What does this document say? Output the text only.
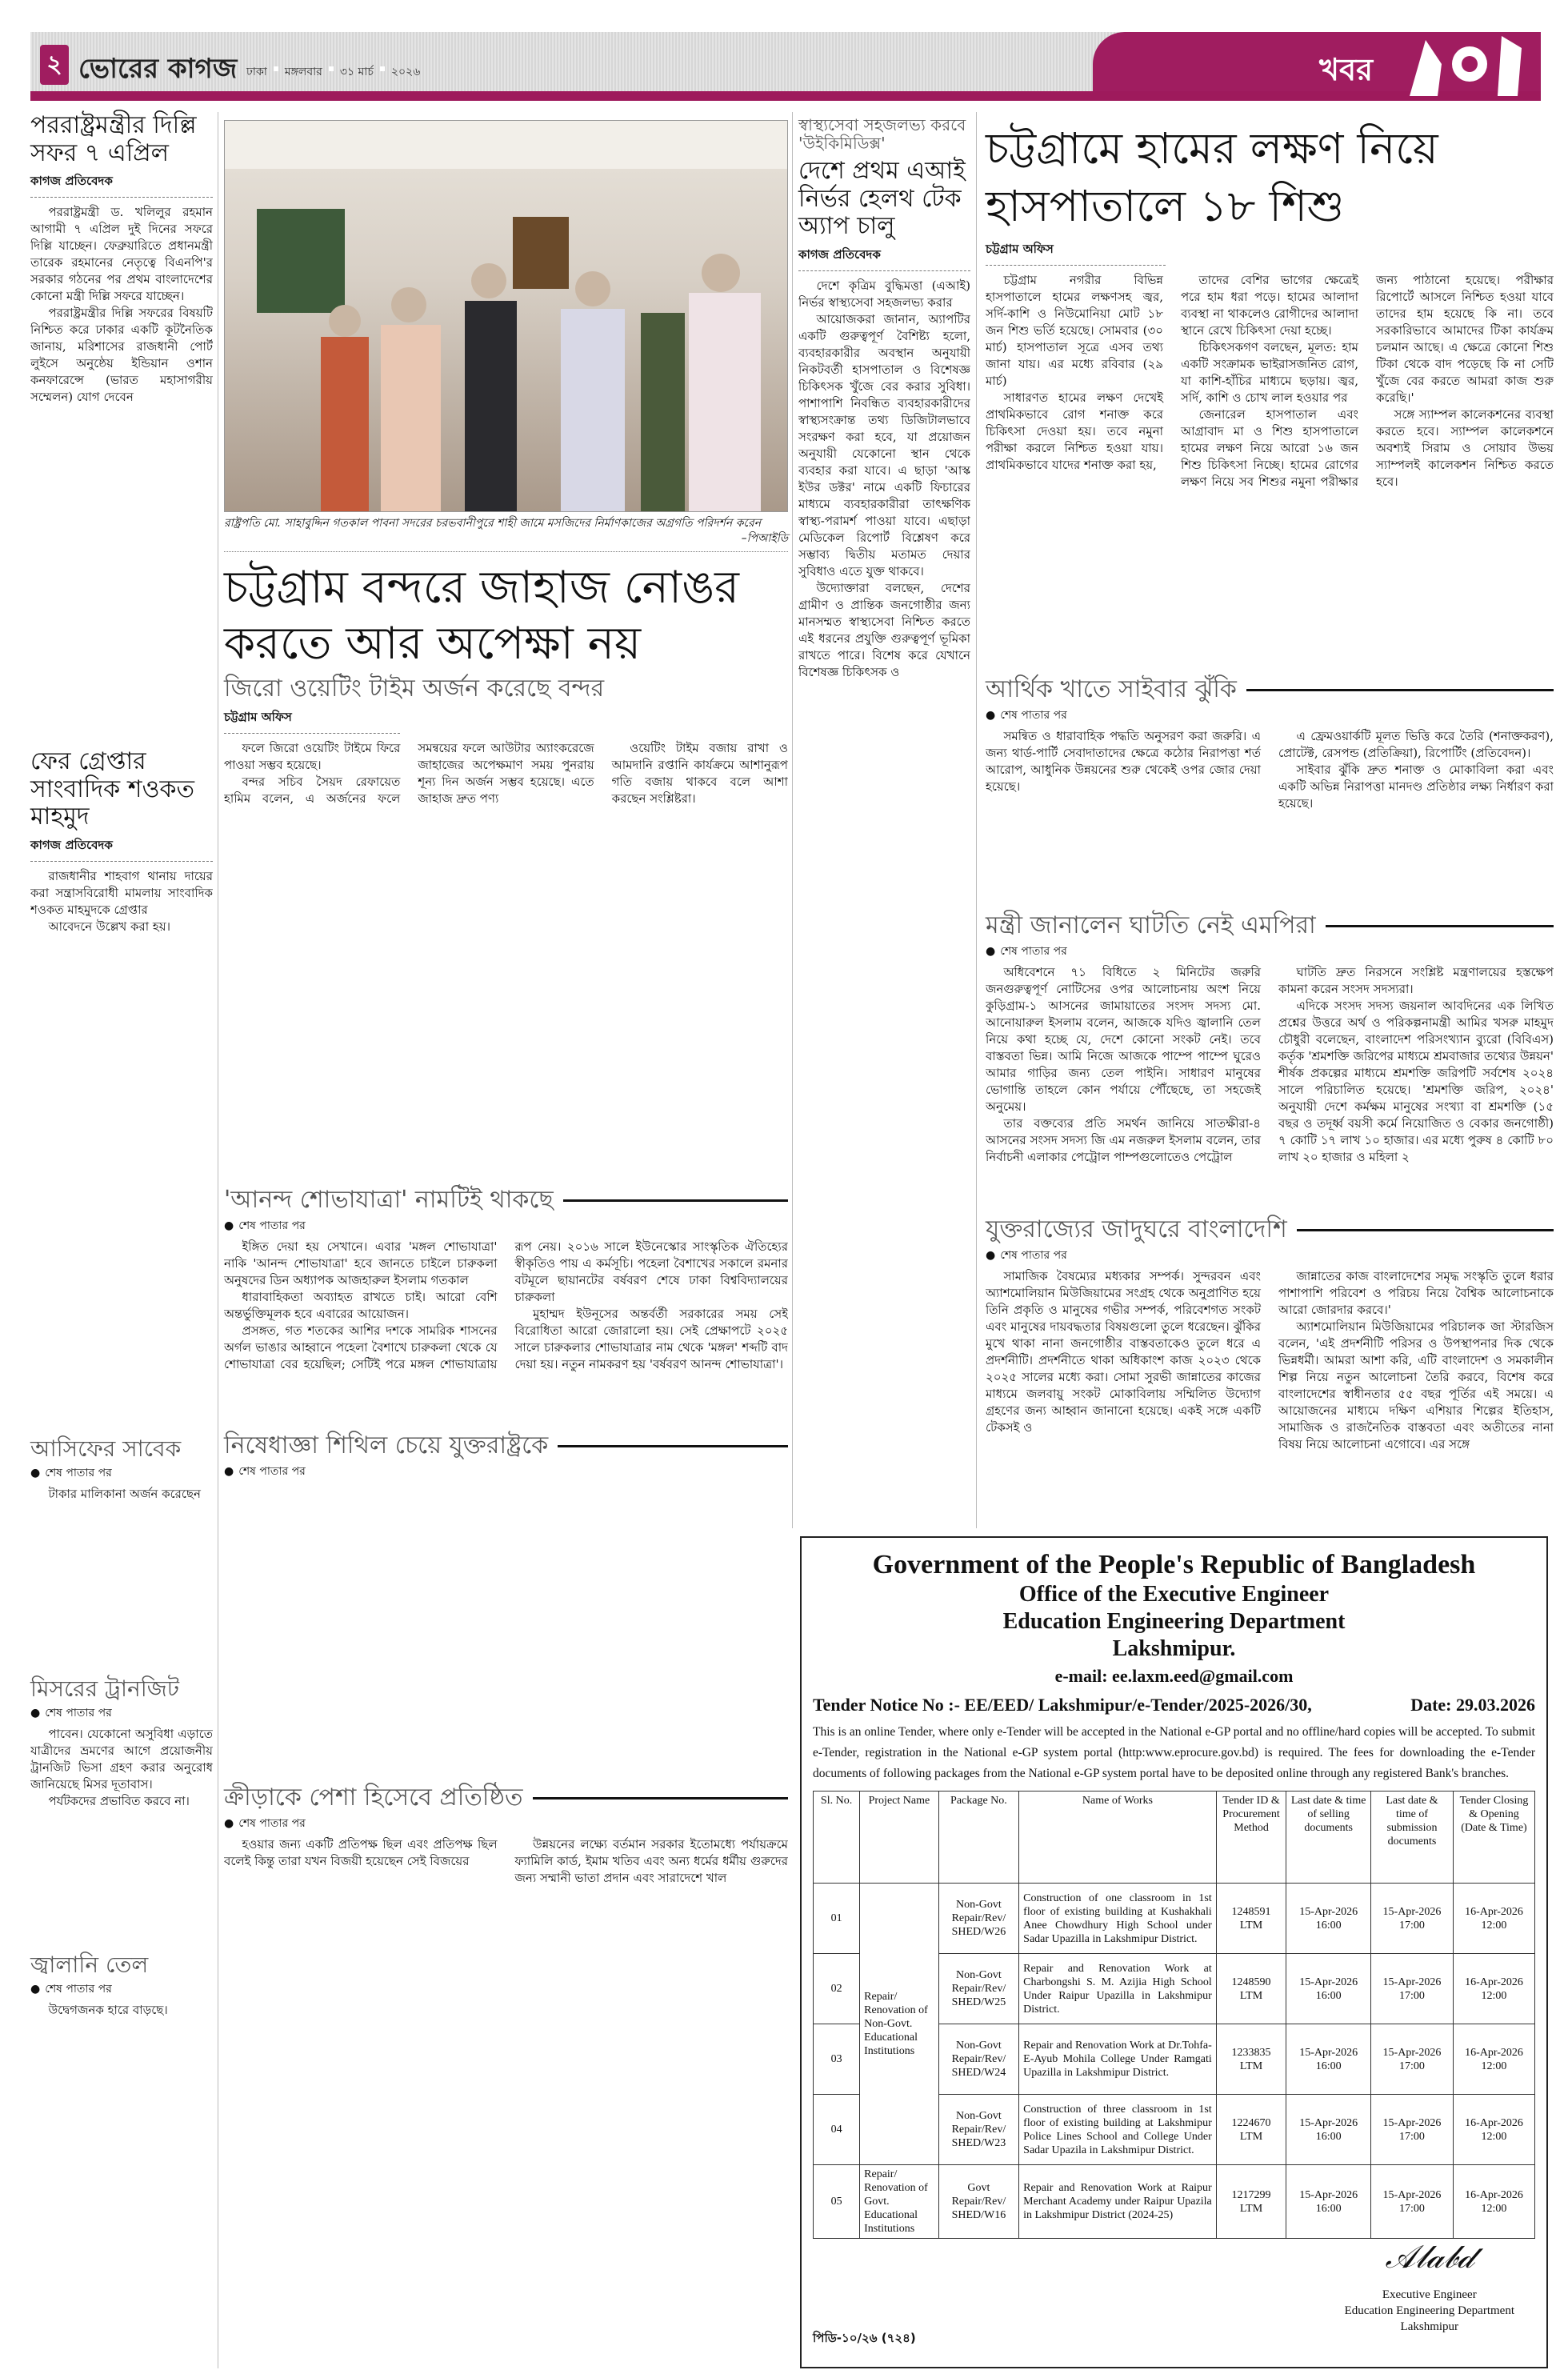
২ ভোরের কাগজ ঢাকা মঙ্গলবার ৩১ মার্চ ২০২৬	খবর
পররাষ্ট্রমন্ত্রীর দিল্লি সফর ৭ এপ্রিল
কাগজ প্রতিবেদক

পররাষ্ট্রমন্ত্রী ড. খলিলুর রহমান আগামী ৭ এপ্রিল দুই দিনের সফরে দিল্লি যাচ্ছেন। ফেব্রুয়ারিতে প্রধানমন্ত্রী তারেক রহমানের নেতৃত্বে বিএনপি'র সরকার গঠনের পর প্রথম বাংলাদেশের কোনো মন্ত্রী দিল্লি সফরে যাচ্ছেন।

পররাষ্ট্রমন্ত্রীর দিল্লি সফরের বিষয়টি নিশ্চিত করে ঢাকার একটি কূটনৈতিক জানায়, মরিশাসের রাজধানী পোর্ট লুইসে অনুষ্ঠেয় ইন্ডিয়ান ওশান কনফারেন্সে (ভারত মহাসাগরীয় সম্মেলন) যোগ দেবেন

ফের গ্রেপ্তার সাংবাদিক শওকত মাহমুদ
কাগজ প্রতিবেদক

রাজধানীর শাহবাগ থানায় দায়ের করা সন্ত্রাসবিরোধী মামলায় সাংবাদিক শওকত মাহমুদকে গ্রেপ্তার

আবেদনে উল্লেখ করা হয়।

আসিফের সাবেক
● শেষ পাতার পর

টাকার মালিকানা অর্জন করেছেন

মিসরের ট্রানজিট
● শেষ পাতার পর

পাবেন। যেকোনো অসুবিধা এড়াতে যাত্রীদের ভ্রমণের আগে প্রয়োজনীয় ট্রানজিট ভিসা গ্রহণ করার অনুরোধ জানিয়েছে মিসর দূতাবাস।

পর্যটকদের প্রভাবিত করবে না।

জ্বালানি তেল
● শেষ পাতার পর

উদ্বেগজনক হারে বাড়ছে।

রাষ্ট্রপতি মো. সাহাবুদ্দিন গতকাল পাবনা সদরের চরভবানীপুরে শাহী জামে মসজিদের নির্মাণকাজের অগ্রগতি পরিদর্শন করেন
–পিআইডি
চট্টগ্রাম বন্দরে জাহাজ নোঙর করতে আর অপেক্ষা নয়
জিরো ওয়েটিং টাইম অর্জন করেছে বন্দর
চট্টগ্রাম অফিস

ফলে জিরো ওয়েটিং টাইমে ফিরে পাওয়া সম্ভব হয়েছে।

বন্দর সচিব সৈয়দ রেফায়েত হামিম বলেন, এ অর্জনের ফলে সমন্বয়ের ফলে আউটার অ্যাংকরেজে জাহাজের অপেক্ষমাণ সময় পুনরায় শূন্য দিন অর্জন সম্ভব হয়েছে। এতে জাহাজ দ্রুত পণ্য

ওয়েটিং টাইম বজায় রাখা ও আমদানি রপ্তানি কার্যক্রমে আশানুরূপ গতি বজায় থাকবে বলে আশা করছেন সংশ্লিষ্টরা।

'আনন্দ শোভাযাত্রা' নামটিই থাকছে
● শেষ পাতার পর

ইঙ্গিত দেয়া হয় সেখানে। এবার 'মঙ্গল শোভাযাত্রা' নাকি 'আনন্দ শোভাযাত্রা' হবে জানতে চাইলে চারুকলা অনুষদের ডিন অধ্যাপক আজহারুল ইসলাম গতকাল

ধারাবাহিকতা অব্যাহত রাখতে চাই। আরো বেশি অন্তর্ভুক্তিমূলক হবে এবারের আয়োজন।

প্রসঙ্গত, গত শতকের আশির দশকে সামরিক শাসনের অর্গল ভাঙার আহ্বানে পহেলা বৈশাখে চারুকলা থেকে যে শোভাযাত্রা বের হয়েছিল; সেটিই পরে মঙ্গল শোভাযাত্রায় রূপ নেয়। ২০১৬ সালে ইউনেস্কোর সাংস্কৃতিক ঐতিহ্যের স্বীকৃতিও পায় এ কর্মসূচি। পহেলা বৈশাখের সকালে রমনার বটমূলে ছায়ানটের বর্ষবরণ শেষে ঢাকা বিশ্ববিদ্যালয়ের চারুকলা

মুহাম্মদ ইউনূসের অন্তর্বর্তী সরকারের সময় সেই বিরোধিতা আরো জোরালো হয়। সেই প্রেক্ষাপটে ২০২৫ সালে চারুকলার শোভাযাত্রার নাম থেকে 'মঙ্গল' শব্দটি বাদ দেয়া হয়। নতুন নামকরণ হয় 'বর্ষবরণ আনন্দ শোভাযাত্রা'।

নিষেধাজ্ঞা শিথিল চেয়ে যুক্তরাষ্ট্রকে
● শেষ পাতার পর
ক্রীড়াকে পেশা হিসেবে প্রতিষ্ঠিত
● শেষ পাতার পর

হওয়ার জন্য একটি প্রতিপক্ষ ছিল এবং প্রতিপক্ষ ছিল বলেই কিন্তু তারা যখন বিজয়ী হয়েছেন সেই বিজয়ের

উন্নয়নের লক্ষ্যে বর্তমান সরকার ইতোমধ্যে পর্যায়ক্রমে ফ্যামিলি কার্ড, ইমাম খতিব এবং অন্য ধর্মের ধর্মীয় গুরুদের জন্য সম্মানী ভাতা প্রদান এবং সারাদেশে খাল

স্বাস্থ্যসেবা সহজলভ্য করবে 'উইকিমিডিক্স'
দেশে প্রথম এআই নির্ভর হেলথ টেক অ্যাপ চালু
কাগজ প্রতিবেদক

দেশে কৃত্রিম বুদ্ধিমত্তা (এআই) নির্ভর স্বাস্থ্যসেবা সহজলভ্য করার

আয়োজকরা জানান, অ্যাপটির একটি গুরুত্বপূর্ণ বৈশিষ্ট্য হলো, ব্যবহারকারীর অবস্থান অনুযায়ী নিকটবর্তী হাসপাতাল ও বিশেষজ্ঞ চিকিৎসক খুঁজে বের করার সুবিধা। পাশাপাশি নিবন্ধিত ব্যবহারকারীদের স্বাস্থ্যসংক্রান্ত তথ্য ডিজিটালভাবে সংরক্ষণ করা হবে, যা প্রয়োজন অনুযায়ী যেকোনো স্থান থেকে ব্যবহার করা যাবে। এ ছাড়া 'আস্ক ইউর ডক্টর' নামে একটি ফিচারের মাধ্যমে ব্যবহারকারীরা তাৎক্ষণিক স্বাস্থ্য-পরামর্শ পাওয়া যাবে। এছাড়া মেডিকেল রিপোর্ট বিশ্লেষণ করে সম্ভাব্য দ্বিতীয় মতামত দেয়ার সুবিধাও এতে যুক্ত থাকবে।

উদ্যোক্তারা বলছেন, দেশের গ্রামীণ ও প্রান্তিক জনগোষ্ঠীর জন্য মানসম্মত স্বাস্থ্যসেবা নিশ্চিত করতে এই ধরনের প্রযুক্তি গুরুত্বপূর্ণ ভূমিকা রাখতে পারে। বিশেষ করে যেখানে বিশেষজ্ঞ চিকিৎসক ও

চট্টগ্রামে হামের লক্ষণ নিয়ে হাসপাতালে ১৮ শিশু
চট্টগ্রাম অফিস

চট্টগ্রাম নগরীর বিভিন্ন হাসপাতালে হামের লক্ষণসহ জ্বর, সর্দি-কাশি ও নিউমোনিয়া মোট ১৮ জন শিশু ভর্তি হয়েছে। সোমবার (৩০ মার্চ) হাসপাতাল সূত্রে এসব তথ্য জানা যায়। এর মধ্যে রবিবার (২৯ মার্চ)

সাধারণত হামের লক্ষণ দেখেই প্রাথমিকভাবে রোগ শনাক্ত করে চিকিৎসা দেওয়া হয়। তবে নমুনা পরীক্ষা করলে নিশ্চিত হওয়া যায়। প্রাথমিকভাবে যাদের শনাক্ত করা হয়,

তাদের বেশির ভাগের ক্ষেত্রেই পরে হাম ধরা পড়ে। হামের আলাদা ব্যবস্থা না থাকলেও রোগীদের আলাদা স্থানে রেখে চিকিৎসা দেয়া হচ্ছে।

চিকিৎসকগণ বলছেন, মূলত: হাম একটি সংক্রামক ভাইরাসজনিত রোগ, যা কাশি-হাঁচির মাধ্যমে ছড়ায়। জ্বর, সর্দি, কাশি ও চোখ লাল হওয়ার পর

জেনারেল হাসপাতাল এবং আগ্রাবাদ মা ও শিশু হাসপাতালে হামের লক্ষণ নিয়ে আরো ১৬ জন শিশু চিকিৎসা নিচ্ছে। হামের রোগের লক্ষণ নিয়ে সব শিশুর নমুনা পরীক্ষার জন্য পাঠানো হয়েছে। পরীক্ষার রিপোর্টে আসলে নিশ্চিত হওয়া যাবে তাদের হাম হয়েছে কি না। তবে সরকারিভাবে আমাদের টিকা কার্যক্রম চলমান আছে। এ ক্ষেত্রে কোনো শিশু টিকা থেকে বাদ পড়েছে কি না সেটি খুঁজে বের করতে আমরা কাজ শুরু করেছি।'

সঙ্গে স্যাম্পল কালেকশনের ব্যবস্থা করতে হবে। স্যাম্পল কালেকশনে অবশ্যই সিরাম ও সোয়াব উভয় স্যাম্পলই কালেকশন নিশ্চিত করতে হবে।

আর্থিক খাতে সাইবার ঝুঁকি
● শেষ পাতার পর

সমন্বিত ও ধারাবাহিক পদ্ধতি অনুসরণ করা জরুরি। এ জন্য থার্ড-পার্টি সেবাদাতাদের ক্ষেত্রে কঠোর নিরাপত্তা শর্ত আরোপ, আধুনিক উন্নয়নের শুরু থেকেই ওপর জোর দেয়া হয়েছে।

এ ফ্রেমওয়ার্কটি মূলত ভিত্তি করে তৈরি (শনাক্তকরণ), প্রোটেক্ট, রেসপন্ড (প্রতিক্রিয়া), রিপোর্টিং (প্রতিবেদন)।

সাইবার ঝুঁকি দ্রুত শনাক্ত ও মোকাবিলা করা এবং একটি অভিন্ন নিরাপত্তা মানদণ্ড প্রতিষ্ঠার লক্ষ্য নির্ধারণ করা হয়েছে।

মন্ত্রী জানালেন ঘাটতি নেই এমপিরা
● শেষ পাতার পর

অধিবেশনে ৭১ বিধিতে ২ মিনিটের জরুরি জনগুরুত্বপূর্ণ নোটিসের ওপর আলোচনায় অংশ নিয়ে কুড়িগ্রাম-১ আসনের জামায়াতের সংসদ সদস্য মো. আনোয়ারুল ইসলাম বলেন, আজকে যদিও জ্বালানি তেল নিয়ে কথা হচ্ছে যে, দেশে কোনো সংকট নেই। তবে বাস্তবতা ভিন্ন। আমি নিজে আজকে পাম্পে পাম্পে ঘুরেও আমার গাড়ির জন্য তেল পাইনি। সাধারণ মানুষের ভোগান্তি তাহলে কোন পর্যায়ে পৌঁছেছে, তা সহজেই অনুমেয়।

তার বক্তব্যের প্রতি সমর্থন জানিয়ে সাতক্ষীরা-৪ আসনের সংসদ সদস্য জি এম নজরুল ইসলাম বলেন, তার নির্বাচনী এলাকার পেট্রোল পাম্পগুলোতেও পেট্রোল

ঘাটতি দ্রুত নিরসনে সংশ্লিষ্ট মন্ত্রণালয়ের হস্তক্ষেপ কামনা করেন সংসদ সদস্যরা।

এদিকে সংসদ সদস্য জয়নাল আবদিনের এক লিখিত প্রশ্নের উত্তরে অর্থ ও পরিকল্পনামন্ত্রী আমির খসরু মাহমুদ চৌধুরী বলেছেন, বাংলাদেশ পরিসংখ্যান ব্যুরো (বিবিএস) কর্তৃক 'শ্রমশক্তি জরিপের মাধ্যমে শ্রমবাজার তথ্যের উন্নয়ন' শীর্ষক প্রকল্পের মাধ্যমে শ্রমশক্তি জরিপটি সর্বশেষ ২০২৪ সালে পরিচালিত হয়েছে। 'শ্রমশক্তি জরিপ, ২০২৪' অনুযায়ী দেশে কর্মক্ষম মানুষের সংখ্যা বা শ্রমশক্তি (১৫ বছর ও তদূর্ধ্ব বয়সী কর্মে নিয়োজিত ও বেকার জনগোষ্ঠী) ৭ কোটি ১৭ লাখ ১০ হাজার। এর মধ্যে পুরুষ ৪ কোটি ৮০ লাখ ২০ হাজার ও মহিলা ২

যুক্তরাজ্যের জাদুঘরে বাংলাদেশি
● শেষ পাতার পর

সামাজিক বৈষম্যের মধ্যকার সম্পর্ক। সুন্দরবন এবং অ্যাশমোলিয়ান মিউজিয়ামের সংগ্রহ থেকে অনুপ্রাণিত হয়ে তিনি প্রকৃতি ও মানুষের গভীর সম্পর্ক, পরিবেশগত সংকট এবং মানুষের দায়বদ্ধতার বিষয়গুলো তুলে ধরেছেন। ঝুঁকির মুখে থাকা নানা জনগোষ্ঠীর বাস্তবতাকেও তুলে ধরে এ প্রদর্শনীটি। প্রদর্শনীতে থাকা অধিকাংশ কাজ ২০২৩ থেকে ২০২৫ সালের মধ্যে করা। সোমা সুরভী জান্নাতের কাজের মাধ্যমে জলবায়ু সংকট মোকাবিলায় সম্মিলিত উদ্যোগ গ্রহণের জন্য আহ্বান জানানো হয়েছে। একই সঙ্গে একটি টেকসই ও

জান্নাতের কাজ বাংলাদেশের সমৃদ্ধ সংস্কৃতি তুলে ধরার পাশাপাশি পরিবেশ ও পরিচয় নিয়ে বৈশ্বিক আলোচনাকে আরো জোরদার করবে।'

অ্যাশমোলিয়ান মিউজিয়ামের পরিচালক জা স্টারজিস বলেন, 'এই প্রদর্শনীটি পরিসর ও উপস্থাপনার দিক থেকে ভিন্নধর্মী। আমরা আশা করি, এটি বাংলাদেশ ও সমকালীন শিল্প নিয়ে নতুন আলোচনা তৈরি করবে, বিশেষ করে বাংলাদেশের স্বাধীনতার ৫৫ বছর পূর্তির এই সময়ে। এ আয়োজনের মাধ্যমে দক্ষিণ এশিয়ার শিল্পের ইতিহাস, সামাজিক ও রাজনৈতিক বাস্তবতা এবং অতীতের নানা বিষয় নিয়ে আলোচনা এগোবে। এর সঙ্গে

Government of the People's Republic of Bangladesh
Office of the Executive Engineer
Education Engineering Department
Lakshmipur.
e-mail: ee.laxm.eed@gmail.com
Tender Notice No :- EE/EED/ Lakshmipur/e-Tender/2025-2026/30,	Date: 29.03.2026
This is an online Tender, where only e-Tender will be accepted in the National e-GP portal and no offline/hard copies will be accepted. To submit e-Tender, registration in the National e-GP system portal (http:www.eprocure.gov.bd) is required. The fees for downloading the e-Tender documents of following packages from the National e-GP system portal have to be deposited online through any registered Bank's branches.
Sl. No.	Project Name	Package No.	Name of Works	Tender ID & Procurement Method	Last date & time of selling documents	Last date & time of submission documents	Tender Closing & Opening (Date & Time)
01	Repair/ Renovation of Non-Govt. Educational Institutions	Non-Govt Repair/Rev/ SHED/W26	Construction of one classroom in 1st floor of existing building at Kushakhali Anee Chowdhury High School under Sadar Upazilla in Lakshmipur District.	1248591 LTM	15-Apr-2026 16:00	15-Apr-2026 17:00	16-Apr-2026 12:00
02		Non-Govt Repair/Rev/ SHED/W25	Repair and Renovation Work at Charbongshi S. M. Azijia High School Under Raipur Upazilla in Lakshmipur District.	1248590 LTM	15-Apr-2026 16:00	15-Apr-2026 17:00	16-Apr-2026 12:00
03		Non-Govt Repair/Rev/ SHED/W24	Repair and Renovation Work at Dr.Tohfa-E-Ayub Mohila College Under Ramgati Upazilla in Lakshmipur District.	1233835 LTM	15-Apr-2026 16:00	15-Apr-2026 17:00	16-Apr-2026 12:00
04		Non-Govt Repair/Rev/ SHED/W23	Construction of three classroom in 1st floor of existing building at Lakshmipur Police Lines School and College Under Sadar Upazila in Lakshmipur District.	1224670 LTM	15-Apr-2026 16:00	15-Apr-2026 17:00	16-Apr-2026 12:00
05	Repair/ Renovation of Govt. Educational Institutions	Govt Repair/Rev/ SHED/W16	Repair and Renovation Work at Raipur Merchant Academy under Raipur Upazila in Lakshmipur District (2024-25)	1217299 LTM	15-Apr-2026 16:00	15-Apr-2026 17:00	16-Apr-2026 12:00
পিডি-১০/২৬ (৭২৪)
𝒜𝓁𝒶𝒷𝒹
Executive Engineer
Education Engineering Department
Lakshmipur
